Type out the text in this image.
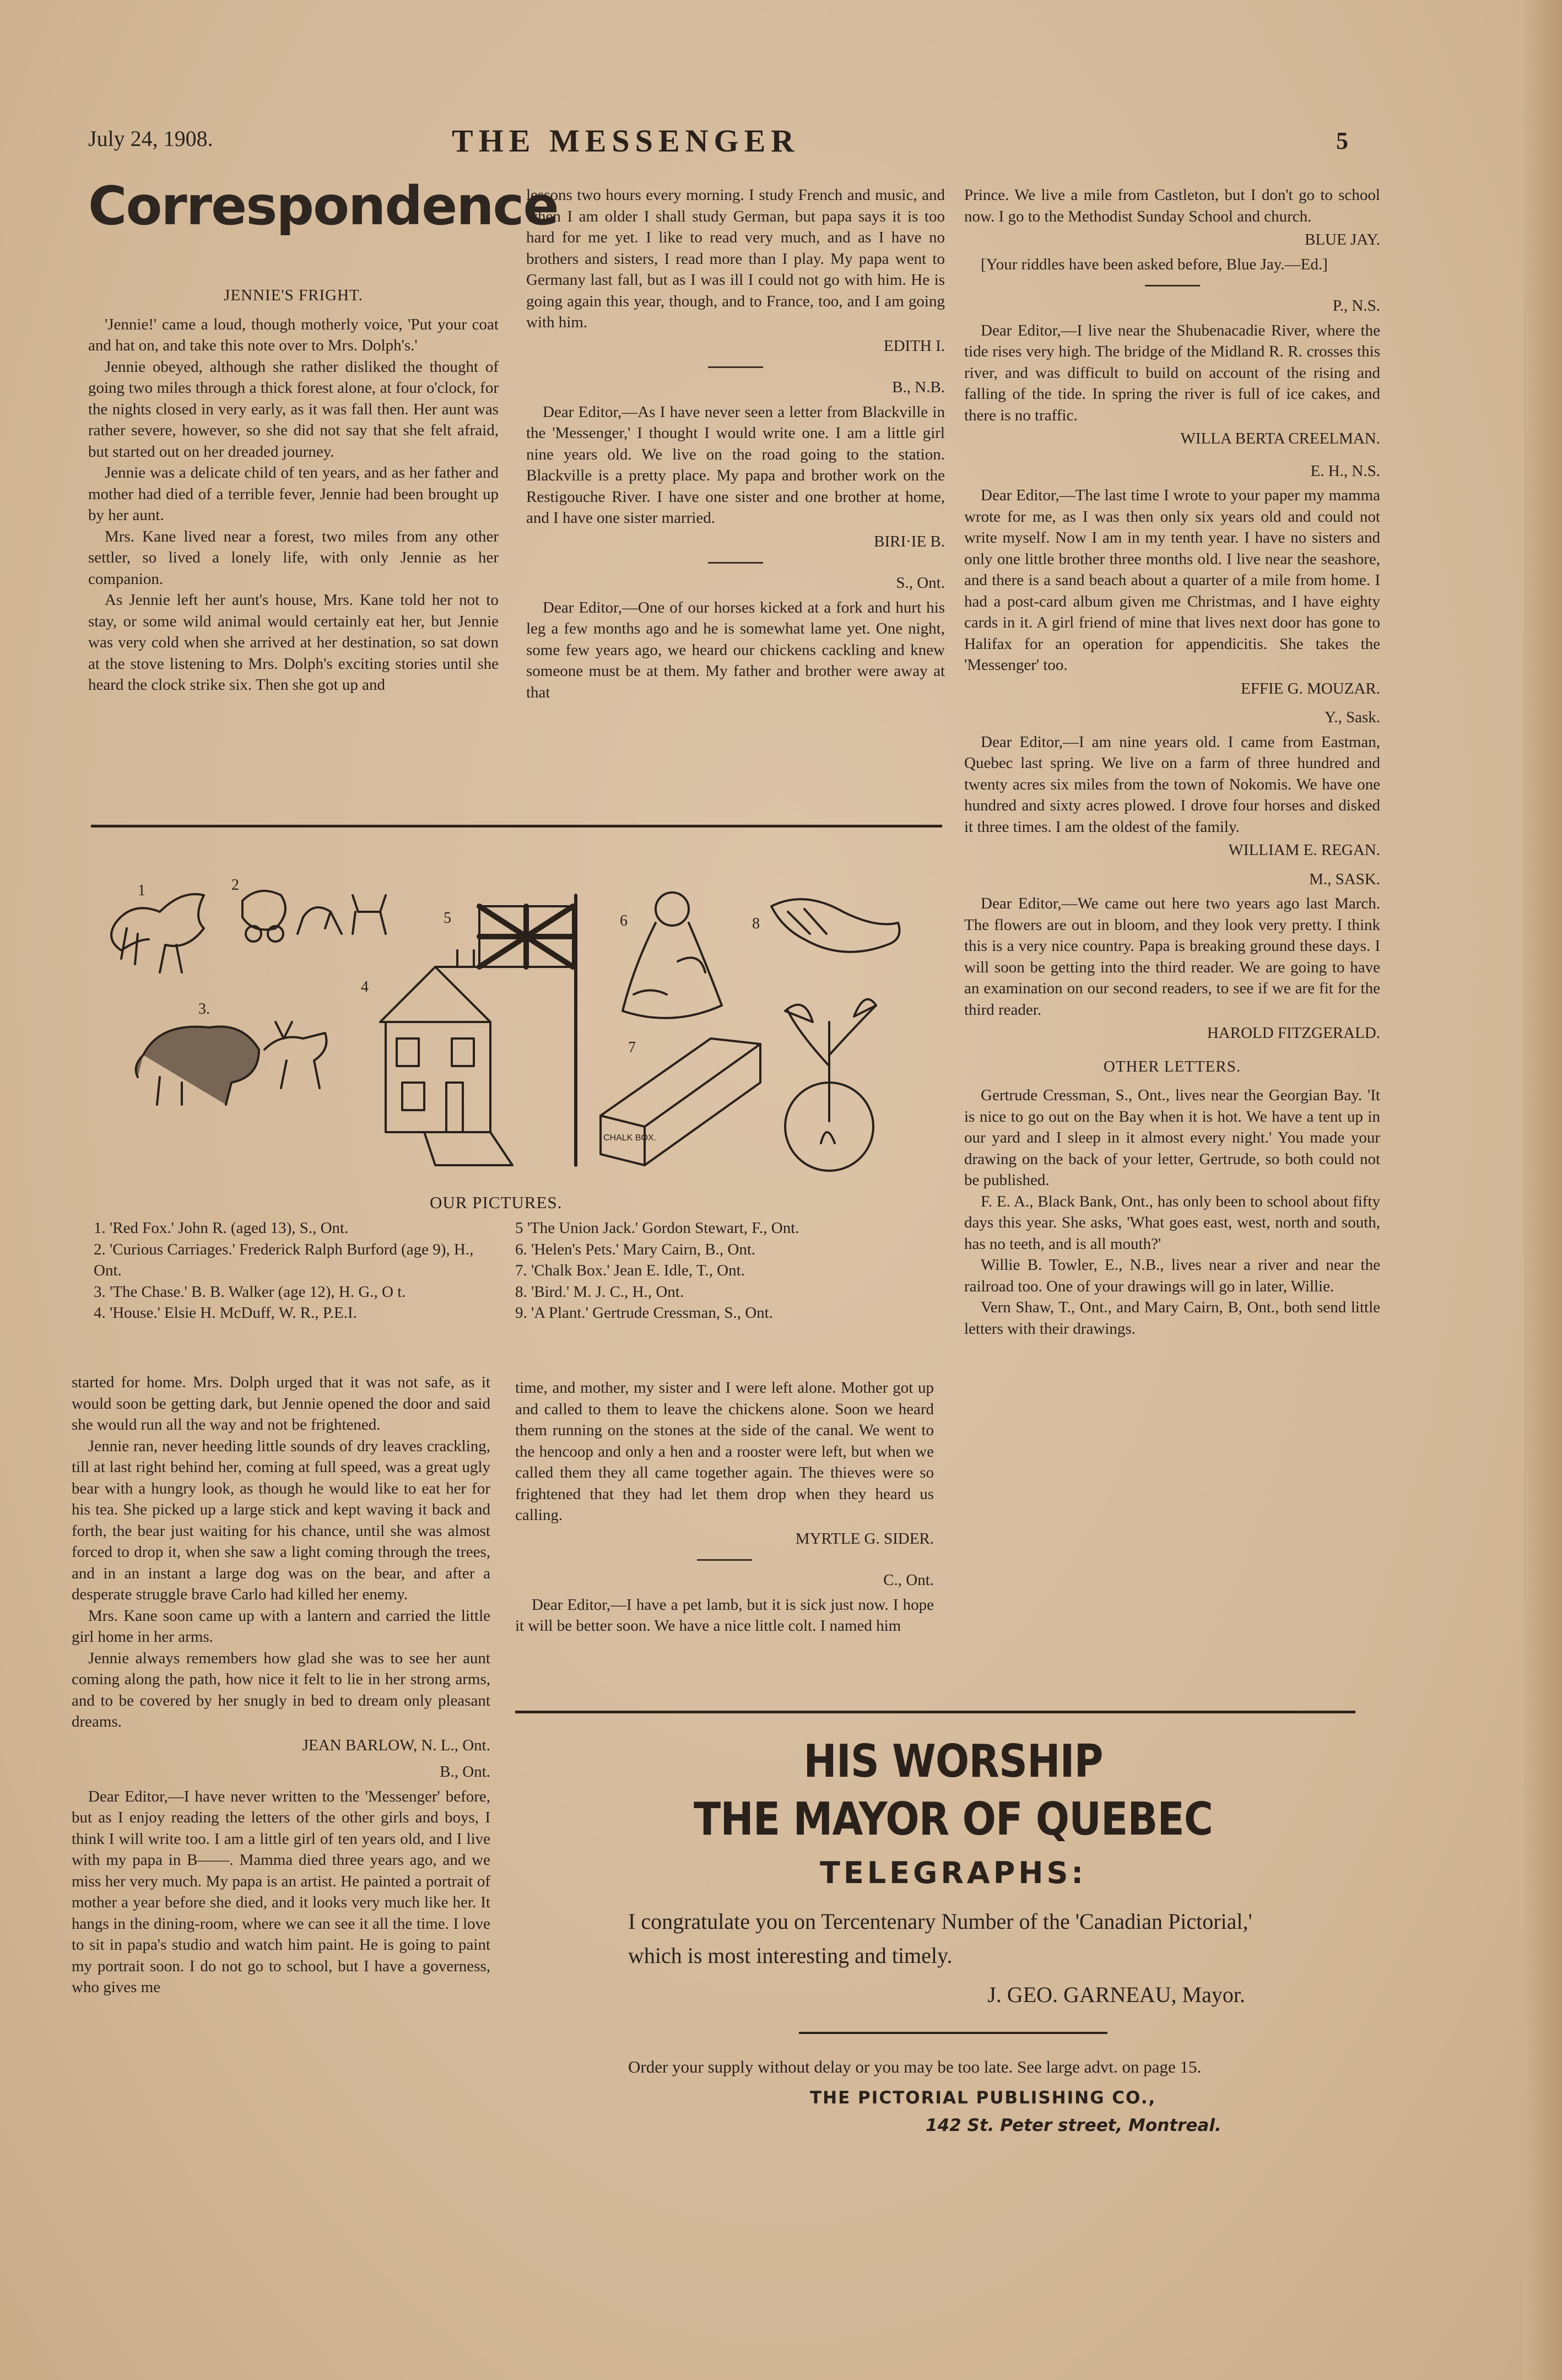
July 24, 1908.	THE MESSENGER	5
Correspondence
JENNIE'S FRIGHT.

'Jennie!' came a loud, though motherly voice, 'Put your coat and hat on, and take this note over to Mrs. Dolph's.'

Jennie obeyed, although she rather disliked the thought of going two miles through a thick forest alone, at four o'clock, for the nights closed in very early, as it was fall then. Her aunt was rather severe, however, so she did not say that she felt afraid, but started out on her dreaded journey.

Jennie was a delicate child of ten years, and as her father and mother had died of a terrible fever, Jennie had been brought up by her aunt.

Mrs. Kane lived near a forest, two miles from any other settler, so lived a lonely life, with only Jennie as her companion.

As Jennie left her aunt's house, Mrs. Kane told her not to stay, or some wild animal would certainly eat her, but Jennie was very cold when she arrived at her destination, so sat down at the stove listening to Mrs. Dolph's exciting stories until she heard the clock strike six. Then she got up and

lessons two hours every morning. I study French and music, and when I am older I shall study German, but papa says it is too hard for me yet. I like to read very much, and as I have no brothers and sisters, I read more than I play. My papa went to Germany last fall, but as I was ill I could not go with him. He is going again this year, though, and to France, too, and I am going with him.

EDITH I.
B., N.B.

Dear Editor,—As I have never seen a letter from Blackville in the 'Messenger,' I thought I would write one. I am a little girl nine years old. We live on the road going to the station. Blackville is a pretty place. My papa and brother work on the Restigouche River. I have one sister and one brother at home, and I have one sister married.

BIRI·IE B.
S., Ont.

Dear Editor,—One of our horses kicked at a fork and hurt his leg a few months ago and he is somewhat lame yet. One night, some few years ago, we heard our chickens cackling and knew someone must be at them. My father and brother were away at that

Prince. We live a mile from Castleton, but I don't go to school now. I go to the Methodist Sunday School and church.

BLUE JAY.

[Your riddles have been asked before, Blue Jay.—Ed.]

P., N.S.

Dear Editor,—I live near the Shubenacadie River, where the tide rises very high. The bridge of the Midland R. R. crosses this river, and was difficult to build on account of the rising and falling of the tide. In spring the river is full of ice cakes, and there is no traffic.

WILLA BERTA CREELMAN.
E. H., N.S.

Dear Editor,—The last time I wrote to your paper my mamma wrote for me, as I was then only six years old and could not write myself. Now I am in my tenth year. I have no sisters and only one little brother three months old. I live near the seashore, and there is a sand beach about a quarter of a mile from home. I had a post-card album given me Christmas, and I have eighty cards in it. A girl friend of mine that lives next door has gone to Halifax for an operation for appendicitis. She takes the 'Messenger' too.

EFFIE G. MOUZAR.
Y., Sask.

Dear Editor,—I am nine years old. I came from Eastman, Quebec last spring. We live on a farm of three hundred and twenty acres six miles from the town of Nokomis. We have one hundred and sixty acres plowed. I drove four horses and disked it three times. I am the oldest of the family.

WILLIAM E. REGAN.
M., SASK.

Dear Editor,—We came out here two years ago last March. The flowers are out in bloom, and they look very pretty. I think this is a very nice country. Papa is breaking ground these days. I will soon be getting into the third reader. We are going to have an examination on our second readers, to see if we are fit for the third reader.

HAROLD FITZGERALD.
OTHER LETTERS.

Gertrude Cressman, S., Ont., lives near the Georgian Bay. 'It is nice to go out on the Bay when it is hot. We have a tent up in our yard and I sleep in it almost every night.' You made your drawing on the back of your letter, Gertrude, so both could not be published.

F. E. A., Black Bank, Ont., has only been to school about fifty days this year. She asks, 'What goes east, west, north and south, has no teeth, and is all mouth?'

Willie B. Towler, E., N.B., lives near a river and near the railroad too. One of your drawings will go in later, Willie.

Vern Shaw, T., Ont., and Mary Cairn, B, Ont., both send little letters with their drawings.

1	2
3.
4
5	6
7
8
CHALK BOX.
OUR PICTURES.
1. 'Red Fox.' John R. (aged 13), S., Ont.
2. 'Curious Carriages.' Frederick Ralph Burford (age 9), H., Ont.
3. 'The Chase.' B. B. Walker (age 12), H. G., O t.
4. 'House.' Elsie H. McDuff, W. R., P.E.I.
5 'The Union Jack.' Gordon Stewart, F., Ont.
6. 'Helen's Pets.' Mary Cairn, B., Ont.
7. 'Chalk Box.' Jean E. Idle, T., Ont.
8. 'Bird.' M. J. C., H., Ont.
9. 'A Plant.' Gertrude Cressman, S., Ont.

started for home. Mrs. Dolph urged that it was not safe, as it would soon be getting dark, but Jennie opened the door and said she would run all the way and not be frightened.

Jennie ran, never heeding little sounds of dry leaves crackling, till at last right behind her, coming at full speed, was a great ugly bear with a hungry look, as though he would like to eat her for his tea. She picked up a large stick and kept waving it back and forth, the bear just waiting for his chance, until she was almost forced to drop it, when she saw a light coming through the trees, and in an instant a large dog was on the bear, and after a desperate struggle brave Carlo had killed her enemy.

Mrs. Kane soon came up with a lantern and carried the little girl home in her arms.

Jennie always remembers how glad she was to see her aunt coming along the path, how nice it felt to lie in her strong arms, and to be covered by her snugly in bed to dream only pleasant dreams.

JEAN BARLOW, N. L., Ont.
B., Ont.

Dear Editor,—I have never written to the 'Messenger' before, but as I enjoy reading the letters of the other girls and boys, I think I will write too. I am a little girl of ten years old, and I live with my papa in B——. Mamma died three years ago, and we miss her very much. My papa is an artist. He painted a portrait of mother a year before she died, and it looks very much like her. It hangs in the dining-room, where we can see it all the time. I love to sit in papa's studio and watch him paint. He is going to paint my portrait soon. I do not go to school, but I have a governess, who gives me

time, and mother, my sister and I were left alone. Mother got up and called to them to leave the chickens alone. Soon we heard them running on the stones at the side of the canal. We went to the hencoop and only a hen and a rooster were left, but when we called them they all came together again. The thieves were so frightened that they had let them drop when they heard us calling.

MYRTLE G. SIDER.
C., Ont.

Dear Editor,—I have a pet lamb, but it is sick just now. I hope it will be better soon. We have a nice little colt. I named him

HIS WORSHIP
THE MAYOR OF QUEBEC
TELEGRAPHS:
I congratulate you on Tercentenary Number of the 'Canadian Pictorial,' which is most interesting and timely.
J. GEO. GARNEAU, Mayor.
Order your supply without delay or you may be too late. See large advt. on page 15.
THE PICTORIAL PUBLISHING CO.,
142 St. Peter street, Montreal.
